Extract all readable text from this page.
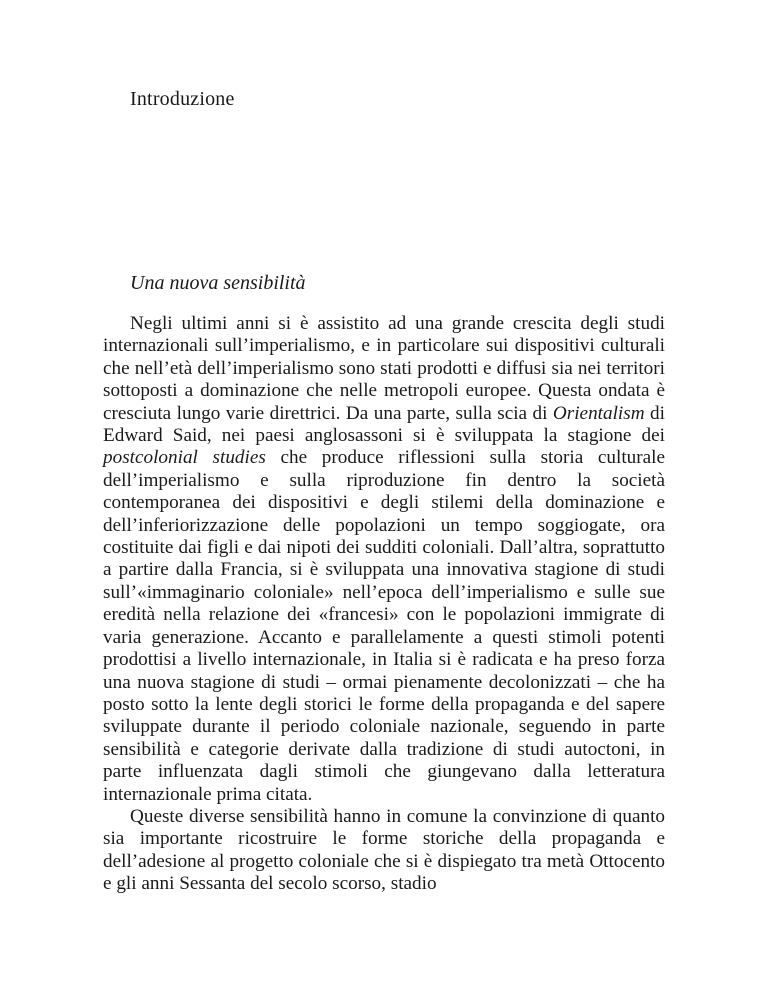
Introduzione
Una nuova sensibilità

Negli ultimi anni si è assistito ad una grande crescita degli studi internazionali sull’imperialismo, e in particolare sui dispositivi culturali che nell’età dell’imperialismo sono stati prodotti e diffusi sia nei territori sottoposti a dominazione che nelle metropoli europee. Questa ondata è cresciuta lungo varie direttrici. Da una parte, sulla scia di Orientalism di Edward Said, nei paesi anglosassoni si è sviluppata la stagione dei postcolonial studies che produce riflessioni sulla storia culturale dell’imperialismo e sulla riproduzione fin dentro la società contemporanea dei dispositivi e degli stilemi della dominazione e dell’inferiorizzazione delle popolazioni un tempo soggiogate, ora costituite dai figli e dai nipoti dei sudditi coloniali. Dall’altra, soprattutto a partire dalla Francia, si è sviluppata una innovativa stagione di studi sull’«immaginario coloniale» nell’epoca dell’imperialismo e sulle sue eredità nella relazione dei «francesi» con le popolazioni immigrate di varia generazione. Accanto e parallelamente a questi stimoli potenti prodottisi a livello internazionale, in Italia si è radicata e ha preso forza una nuova stagione di studi – ormai pienamente decolonizzati – che ha posto sotto la lente degli storici le forme della propaganda e del sapere sviluppate durante il periodo coloniale nazionale, seguendo in parte sensibilità e categorie derivate dalla tradizione di studi autoctoni, in parte influenzata dagli stimoli che giungevano dalla letteratura internazionale prima citata.

Queste diverse sensibilità hanno in comune la convinzione di quanto sia importante ricostruire le forme storiche della propaganda e dell’adesione al progetto coloniale che si è dispiegato tra metà Ottocento e gli anni Sessanta del secolo scorso, stadio
